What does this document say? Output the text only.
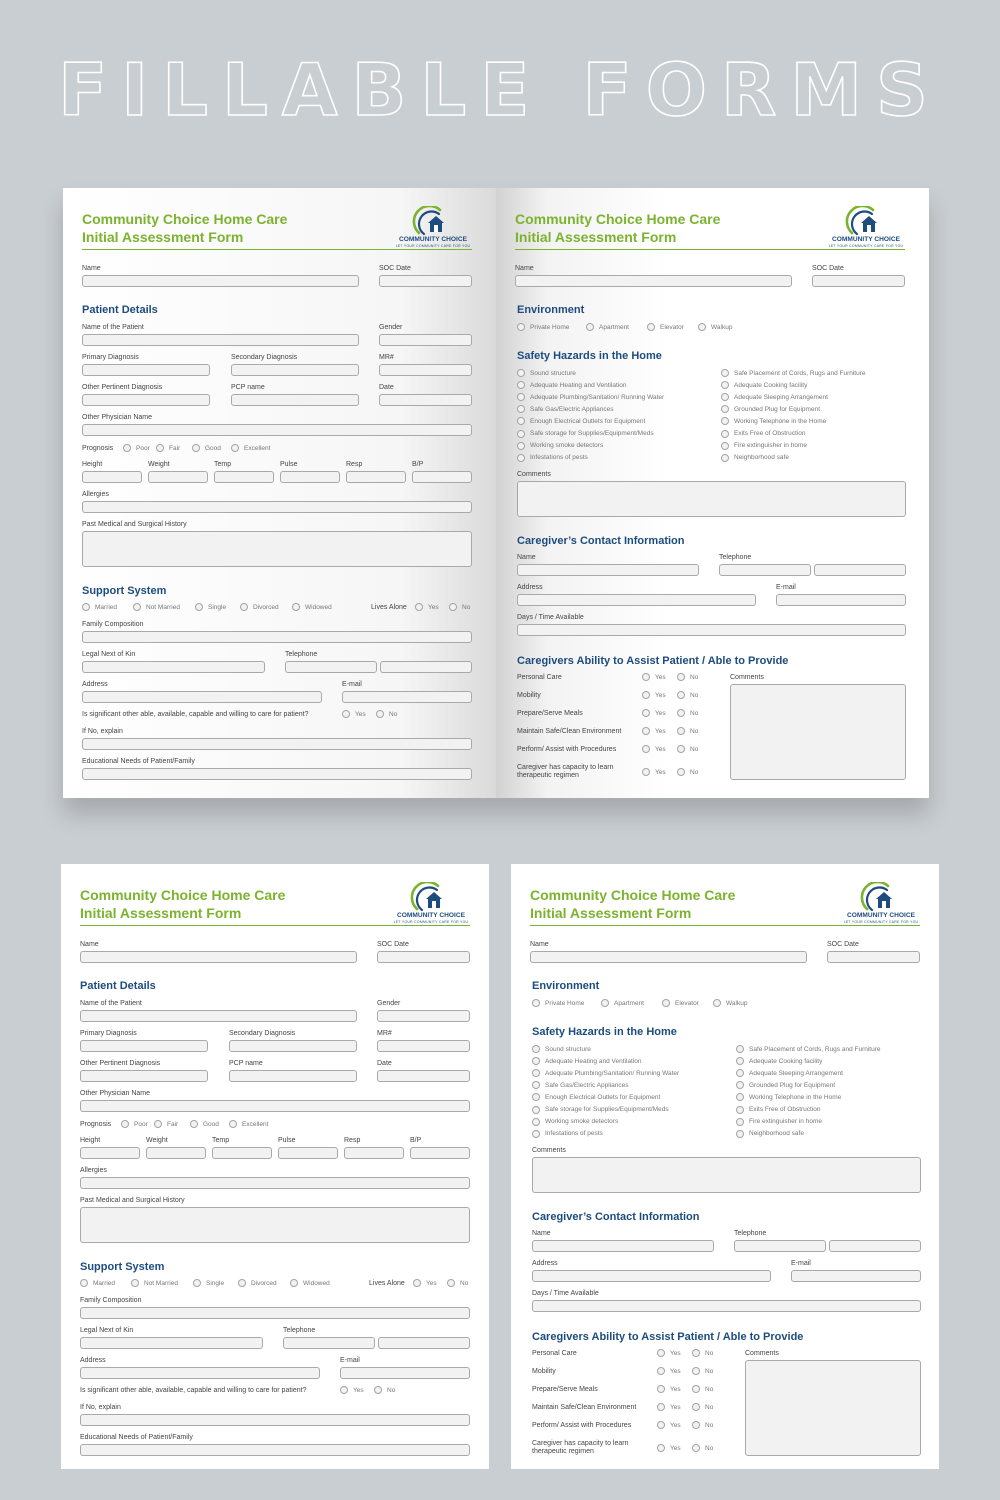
FILLABLE FORMS
Community Choice Home Care
Initial Assessment Form	COMMUNITY CHOICE
LET YOUR COMMUNITY CARE FOR YOU
Name	SOC Date
Patient Details
Name of the Patient	Gender
Primary Diagnosis	Secondary Diagnosis	MR#
Other Pertinent Diagnosis	PCP name	Date
Other Physician Name
Prognosis	Poor	Fair	Good	Excellent
Height	Weight	Temp	Pulse	Resp	B/P
Allergies
Past Medical and Surgical History
Support System
Married	Not Married	Single	Divorced	Widowed	Lives Alone	Yes	No
Family Composition
Legal Next of Kin	Telephone
Address	E-mail
Is significant other able, available, capable and willing to care for patient?	Yes	No
If No, explain
Educational Needs of Patient/Family
Community Choice Home Care
Initial Assessment Form	COMMUNITY CHOICE
LET YOUR COMMUNITY CARE FOR YOU
Name	SOC Date
Environment
Private Home	Apartment	Elevator	Walkup
Safety Hazards in the Home
Sound structure
Adequate Heating and Ventilation
Adequate Plumbing/Sanitation/ Running Water
Safe Gas/Electric Appliances
Enough Electrical Outlets for Equipment
Safe storage for Supplies/Equipment/Meds
Working smoke detectors
Infestations of pests
Safe Placement of Cords, Rugs and Furniture
Adequate Cooking facility
Adequate Sleeping Arrangement
Grounded Plug for Equipment
Working Telephone in the Home
Exits Free of Obstruction
Fire extinguisher in home
Neighborhood safe
Comments
Caregiver’s Contact Information
Name	Telephone
Address	E-mail
Days / Time Available
Caregivers Ability to Assist Patient / Able to Provide
Personal Care	Yes	No
Mobility	Yes	No
Prepare/Serve Meals	Yes	No
Maintain Safe/Clean Environment	Yes	No
Perform/ Assist with Procedures	Yes	No
Caregiver has capacity to learn therapeutic regimen	Yes	No
Comments
Community Choice Home Care
Initial Assessment Form	COMMUNITY CHOICE
LET YOUR COMMUNITY CARE FOR YOU
Name	SOC Date
Patient Details
Name of the Patient	Gender
Primary Diagnosis	Secondary Diagnosis	MR#
Other Pertinent Diagnosis	PCP name	Date
Other Physician Name
Prognosis	Poor	Fair	Good	Excellent
Height	Weight	Temp	Pulse	Resp	B/P
Allergies
Past Medical and Surgical History
Support System
Married	Not Married	Single	Divorced	Widowed	Lives Alone	Yes	No
Family Composition
Legal Next of Kin	Telephone
Address	E-mail
Is significant other able, available, capable and willing to care for patient?	Yes	No
If No, explain
Educational Needs of Patient/Family
Community Choice Home Care
Initial Assessment Form	COMMUNITY CHOICE
LET YOUR COMMUNITY CARE FOR YOU
Name	SOC Date
Environment
Private Home	Apartment	Elevator	Walkup
Safety Hazards in the Home
Sound structure
Adequate Heating and Ventilation
Adequate Plumbing/Sanitation/ Running Water
Safe Gas/Electric Appliances
Enough Electrical Outlets for Equipment
Safe storage for Supplies/Equipment/Meds
Working smoke detectors
Infestations of pests
Safe Placement of Cords, Rugs and Furniture
Adequate Cooking facility
Adequate Sleeping Arrangement
Grounded Plug for Equipment
Working Telephone in the Home
Exits Free of Obstruction
Fire extinguisher in home
Neighborhood safe
Comments
Caregiver’s Contact Information
Name	Telephone
Address	E-mail
Days / Time Available
Caregivers Ability to Assist Patient / Able to Provide
Personal Care	Yes	No
Mobility	Yes	No
Prepare/Serve Meals	Yes	No
Maintain Safe/Clean Environment	Yes	No
Perform/ Assist with Procedures	Yes	No
Caregiver has capacity to learn therapeutic regimen	Yes	No
Comments
